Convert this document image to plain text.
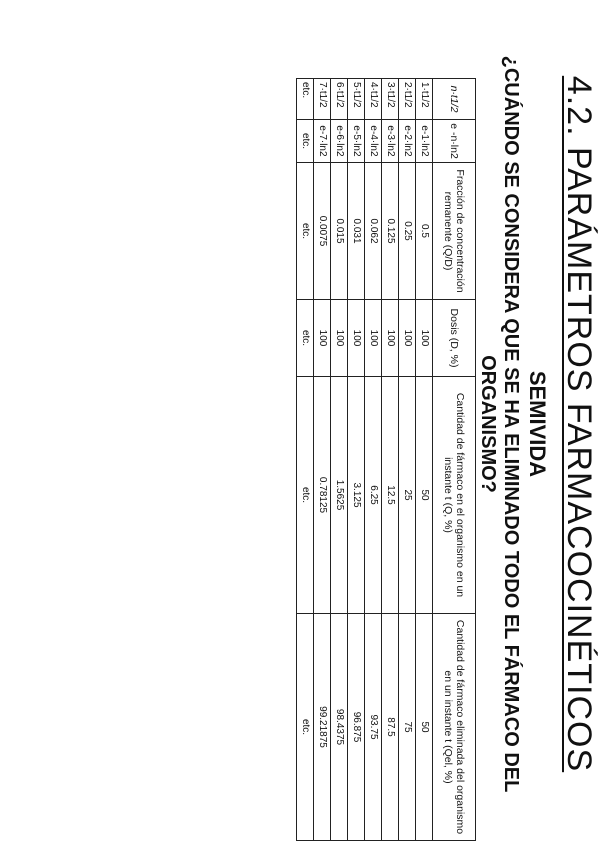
4.2. PARÁMETROS FARMACOCINÉTICOS
SEMIVIDA
¿CUÁNDO SE CONSIDERA QUE SE HA ELIMINADO TODO EL FÁRMACO DEL ORGANISMO?
n·t1/2	e -n·ln2	Fracción de concentración remanente (Q/D)	Dosis (D, %)	Cantidad de fármaco en el organismo en un instante t (Q, %)	Cantidad de fármaco eliminada del organismo en un instante t (Qel, %)
1·t1/2	e-1·ln2	0.5	100	50	50
2·t1/2	e-2·ln2	0.25	100	25	75
3·t1/2	e-3·ln2	0.125	100	12.5	87.5
4·t1/2	e-4·ln2	0.062	100	6.25	93.75
5·t1/2	e-5·ln2	0.031	100	3.125	96.875
6·t1/2	e-6·ln2	0.015	100	1.5625	98.4375
7·t1/2	e-7·ln2	0.0075	100	0.78125	99.21875
etc.	etc.	etc.	etc.	etc.	etc.
